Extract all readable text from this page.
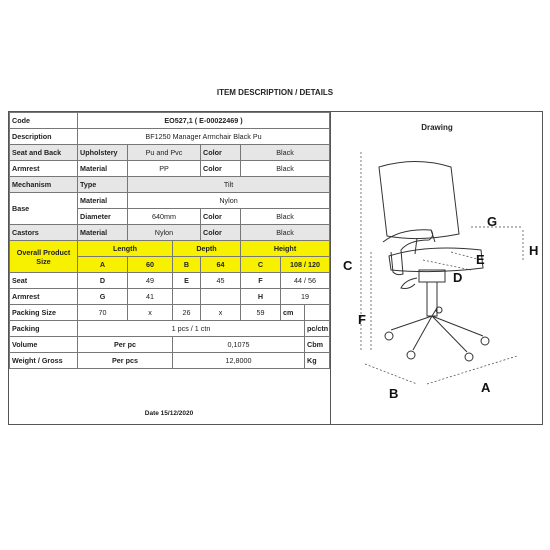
ITEM DESCRIPTION / DETAILS
Code	EO527,1 ( E-00022469 )							
Description	BF1250 Manager Armchair Black Pu							
Seat and Back	Upholstery	Pu and Pvc		Color	Black			
Armrest	Material	PP		Color	Black			
Mechanism	Type	Tilt						
Base	Material	Nylon						
	Diameter	640mm		Color	Black			
Castors	Material	Nylon		Color	Black			
Overall Product Size	Length		Depth		Height			
	A	60	B	64	C	108 / 120	
Seat	D	49	E	45	F	44 / 56		
Armrest	G	41			H	19		
Packing Size	70	x	26	x	59	cm		
Packing	1 pcs / 1 ctn						pc/ctn	
Volume	Per pc		0,1075				Cbm	
Weight / Gross	Per pcs		12,8000				Kg	
Date 15/12/2020
Drawing
C
F
G
H
E
D
B	A
